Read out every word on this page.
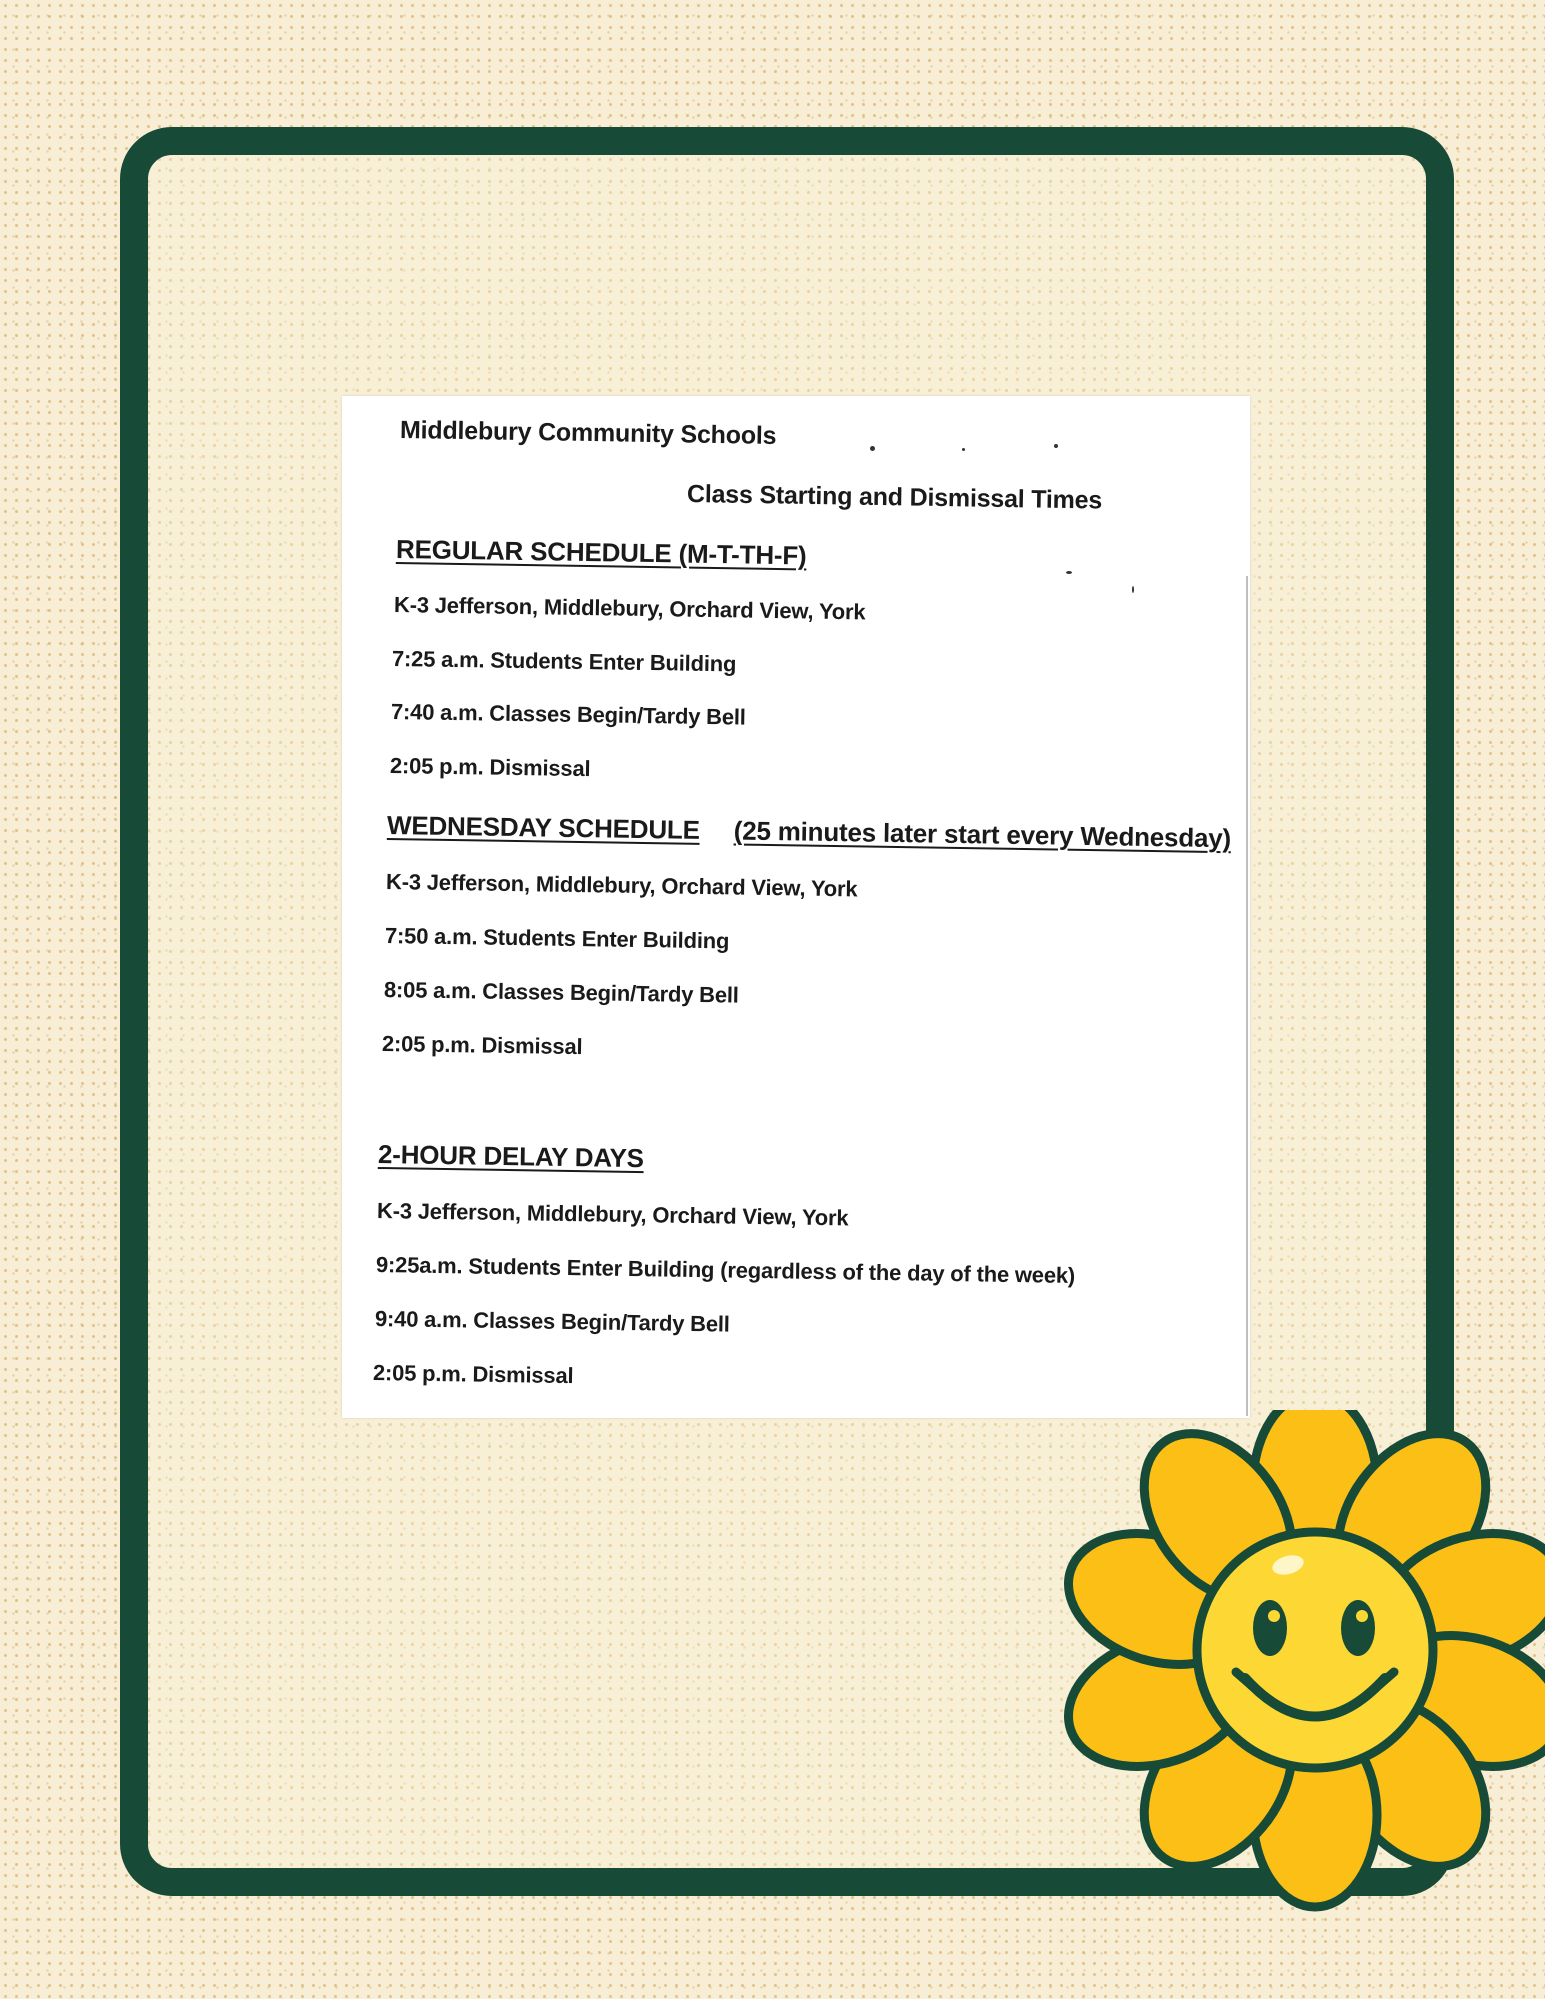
Middlebury Community Schools

Class Starting and Dismissal Times

REGULAR SCHEDULE (M-T-TH-F)

K-3 Jefferson, Middlebury, Orchard View, York

7:25 a.m. Students Enter Building

7:40 a.m. Classes Begin/Tardy Bell

2:05 p.m. Dismissal

WEDNESDAY SCHEDULE (25 minutes later start every Wednesday)

K-3 Jefferson, Middlebury, Orchard View, York

7:50 a.m. Students Enter Building

8:05 a.m. Classes Begin/Tardy Bell

2:05 p.m. Dismissal

2-HOUR DELAY DAYS

K-3 Jefferson, Middlebury, Orchard View, York

9:25a.m. Students Enter Building (regardless of the day of the week)

9:40 a.m. Classes Begin/Tardy Bell

2:05 p.m. Dismissal
